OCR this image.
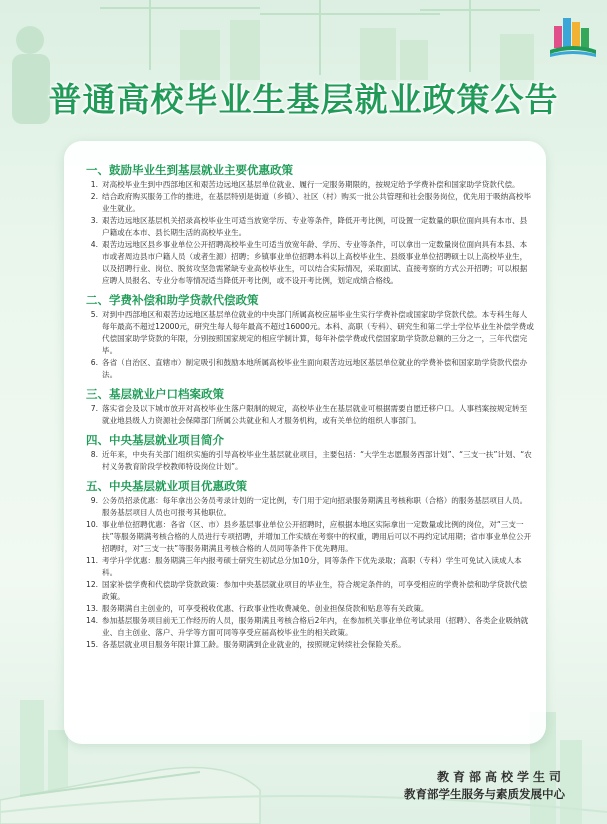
普通高校毕业生基层就业政策公告
一、鼓励毕业生到基层就业主要优惠政策
1. 对高校毕业生到中西部地区和艰苦边远地区基层单位就业、履行一定服务期限的，按规定给予学费补偿和国家助学贷款代偿。
2. 结合政府购买服务工作的推进，在基层特别是街道（乡镇）、社区（村）购买一批公共管理和社会服务岗位，优先用于吸纳高校毕业生就业。
3. 艰苦边远地区基层机关招录高校毕业生可适当放宽学历、专业等条件，降低开考比例，可设置一定数量的职位面向具有本市、县户籍或在本市、县长期生活的高校毕业生。
4. 艰苦边远地区县乡事业单位公开招聘高校毕业生可适当放宽年龄、学历、专业等条件，可以拿出一定数量岗位面向具有本县、本市或者周边县市户籍人员（或者生源）招聘；乡镇事业单位招聘本科以上高校毕业生、县级事业单位招聘硕士以上高校毕业生，以及招聘行业、岗位、脱贫攻坚急需紧缺专业高校毕业生，可以结合实际情况，采取面试、直接考察的方式公开招聘；可以根据应聘人员报名、专业分布等情况适当降低开考比例，或不设开考比例，划定成绩合格线。
二、学费补偿和助学贷款代偿政策
5. 对到中西部地区和艰苦边远地区基层单位就业的中央部门所属高校应届毕业生实行学费补偿或国家助学贷款代偿。本专科生每人每年最高不超过12000元，研究生每人每年最高不超过16000元。本科、高职（专科）、研究生和第二学士学位毕业生补偿学费或代偿国家助学贷款的年限，分别按照国家规定的相应学制计算，每年补偿学费或代偿国家助学贷款总额的三分之一，三年代偿完毕。
6. 各省（自治区、直辖市）制定吸引和鼓励本地所属高校毕业生面向艰苦边远地区基层单位就业的学费补偿和国家助学贷款代偿办法。
三、基层就业户口档案政策
7. 落实省会及以下城市放开对高校毕业生落户限制的规定，高校毕业生在基层就业可根据需要自愿迁移户口。人事档案按规定转至就业地县级人力资源社会保障部门所属公共就业和人才服务机构，或有关单位的组织人事部门。
四、中央基层就业项目简介
8. 近年来，中央有关部门组织实施的引导高校毕业生基层就业项目，主要包括：“大学生志愿服务西部计划”、“三支一扶”计划、“农村义务教育阶段学校教师特设岗位计划”。
五、中央基层就业项目优惠政策
9. 公务员招录优惠：每年拿出公务员考录计划的一定比例，专门用于定向招录服务期满且考核称职（合格）的服务基层项目人员。服务基层项目人员也可报考其他职位。
10. 事业单位招聘优惠：各省（区、市）县乡基层事业单位公开招聘时，应根据本地区实际拿出一定数量或比例的岗位，对“三支一扶”等服务期满考核合格的人员进行专项招聘，并增加工作实绩在考察中的权重，聘用后可以不再约定试用期；省市事业单位公开招聘时，对“三支一扶”等服务期满且考核合格的人员同等条件下优先聘用。
11. 考学升学优惠：服务期满三年内报考硕士研究生初试总分加10分，同等条件下优先录取；高职（专科）学生可免试入读成人本科。
12. 国家补偿学费和代偿助学贷款政策：参加中央基层就业项目的毕业生，符合规定条件的，可享受相应的学费补偿和助学贷款代偿政策。
13. 服务期满自主创业的，可享受税收优惠、行政事业性收费减免、创业担保贷款和贴息等有关政策。
14. 参加基层服务项目前无工作经历的人员，服务期满且考核合格后2年内，在参加机关事业单位考试录用（招聘）、各类企业吸纳就业、自主创业、落户、升学等方面可同等享受应届高校毕业生的相关政策。
15. 各基层就业项目服务年限计算工龄。服务期满到企业就业的，按照规定转续社会保险关系。
教育部高校学生司
教育部学生服务与素质发展中心
